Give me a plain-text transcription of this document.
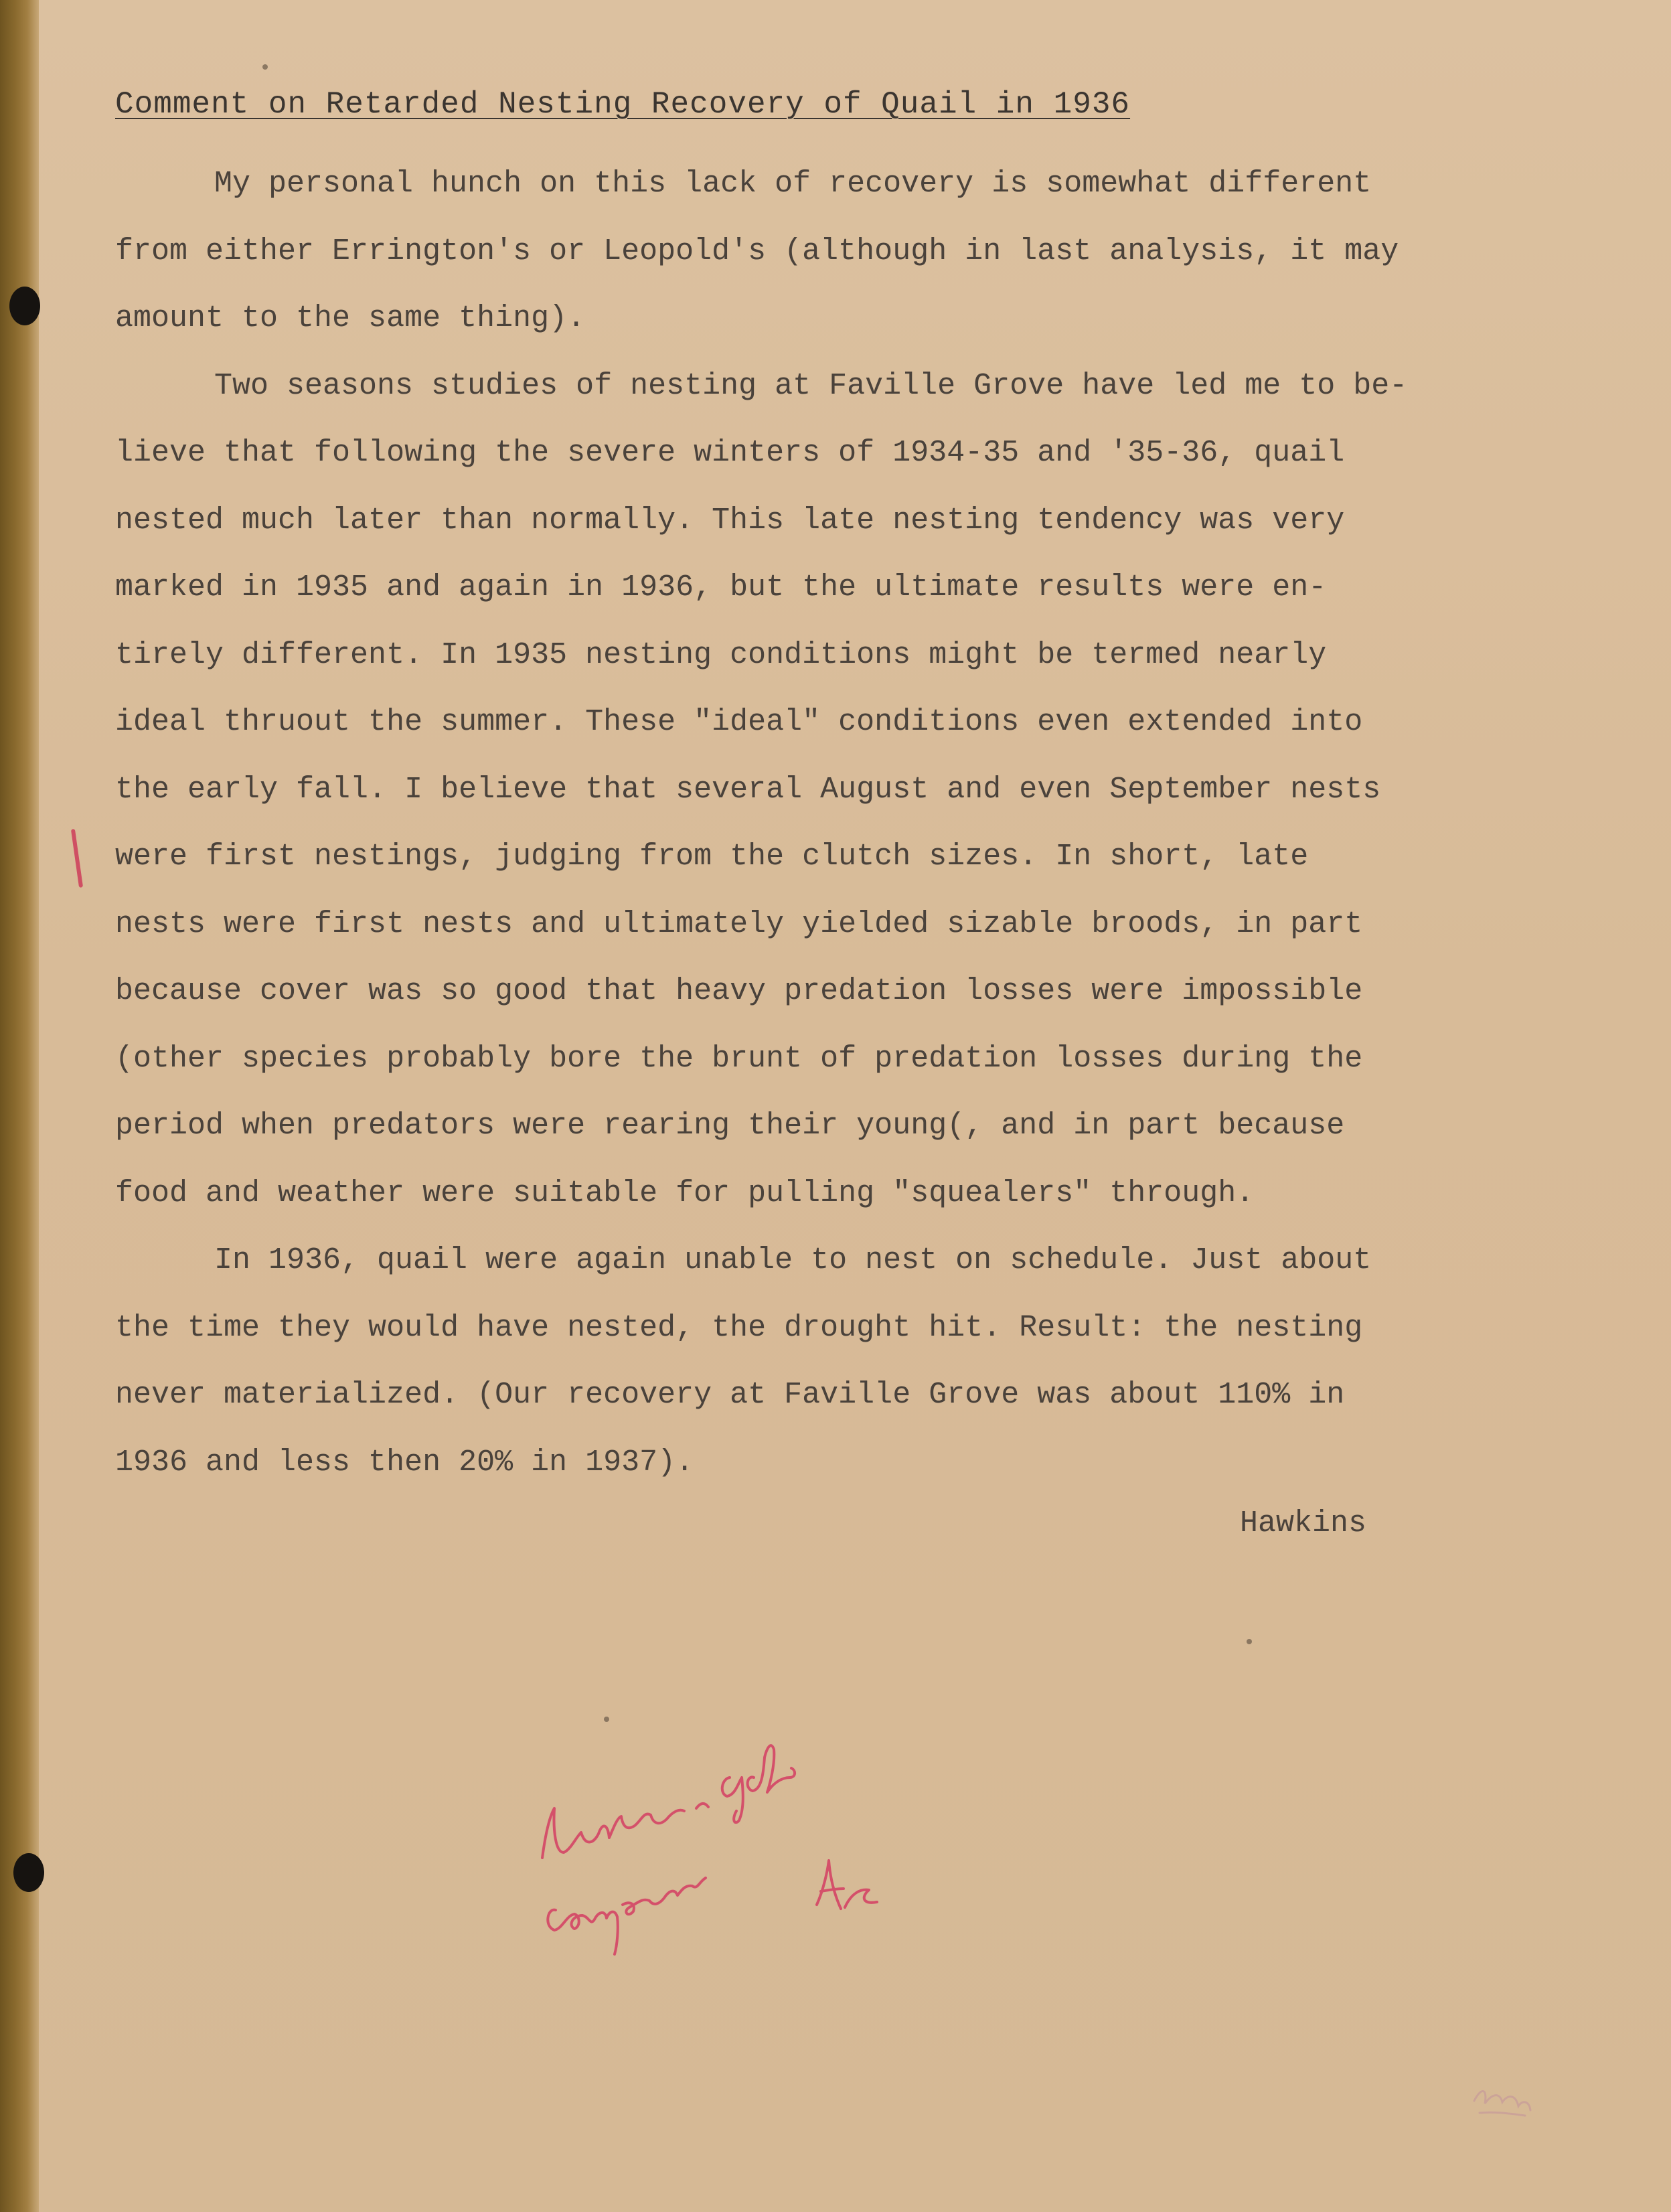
Comment on Retarded Nesting Recovery of Quail in 1936

My personal hunch on this lack of recovery is somewhat different

from either Errington's or Leopold's (although in last analysis, it may

amount to the same thing).

Two seasons studies of nesting at Faville Grove have led me to be-

lieve that following the severe winters of 1934-35 and '35-36, quail

nested much later than normally. This late nesting tendency was very

marked in 1935 and again in 1936, but the ultimate results were en-

tirely different. In 1935 nesting conditions might be termed nearly

ideal thruout the summer. These "ideal" conditions even extended into

the early fall. I believe that several August and even September nests

were first nestings, judging from the clutch sizes. In short, late

nests were first nests and ultimately yielded sizable broods, in part

because cover was so good that heavy predation losses were impossible

(other species probably bore the brunt of predation losses during the

period when predators were rearing their young(, and in part because

food and weather were suitable for pulling "squealers" through.

In 1936, quail were again unable to nest on schedule. Just about

the time they would have nested, the drought hit. Result: the nesting

never materialized. (Our recovery at Faville Grove was about 110% in

1936 and less then 20% in 1937).

Hawkins
